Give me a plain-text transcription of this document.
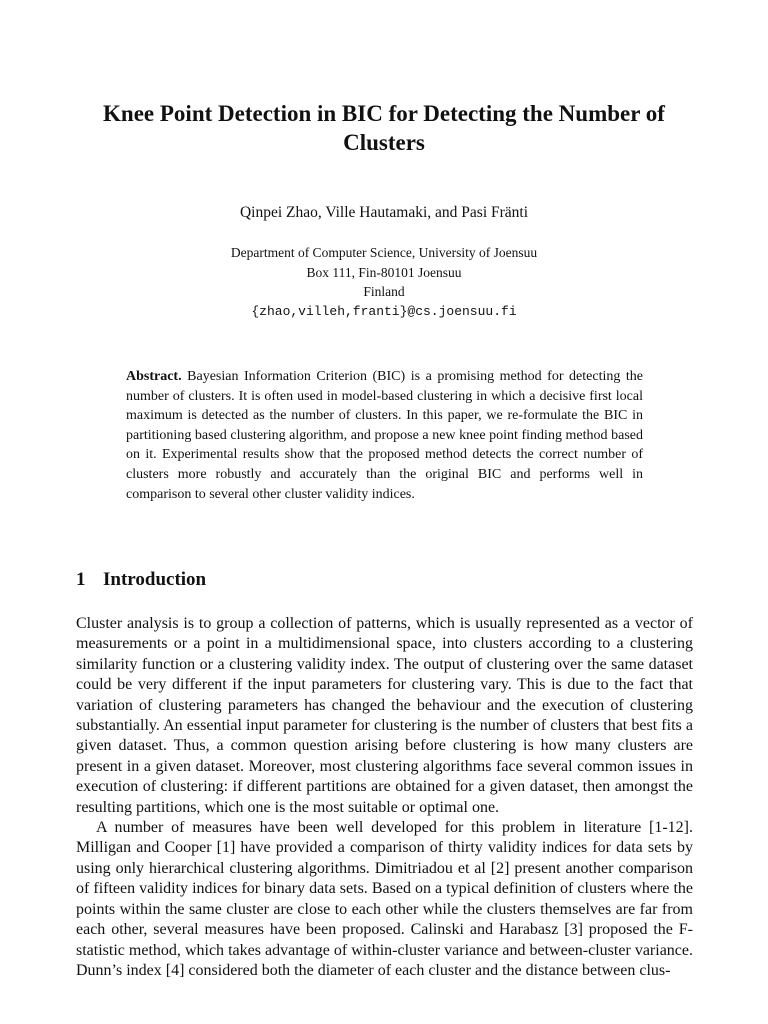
Knee Point Detection in BIC for Detecting the Number of Clusters
Qinpei Zhao, Ville Hautamaki, and Pasi Fränti
Department of Computer Science, University of Joensuu
Box 111, Fin-80101 Joensuu
Finland
{zhao,villeh,franti}@cs.joensuu.fi
Abstract. Bayesian Information Criterion (BIC) is a promising method for detecting the number of clusters. It is often used in model-based clustering in which a decisive first local maximum is detected as the number of clusters. In this paper, we re-formulate the BIC in partitioning based clustering algorithm, and propose a new knee point finding method based on it. Experimental results show that the proposed method detects the correct number of clusters more robustly and accurately than the original BIC and performs well in comparison to several other cluster validity indices.
1 Introduction

Cluster analysis is to group a collection of patterns, which is usually represented as a vector of measurements or a point in a multidimensional space, into clusters according to a clustering similarity function or a clustering validity index. The output of clustering over the same dataset could be very different if the input parameters for clustering vary. This is due to the fact that variation of clustering parameters has changed the behaviour and the execution of clustering substantially. An essential input parameter for clustering is the number of clusters that best fits a given dataset. Thus, a common question arising before clustering is how many clusters are present in a given dataset. Moreover, most clustering algorithms face several common issues in execution of clustering: if different partitions are obtained for a given dataset, then amongst the resulting partitions, which one is the most suitable or optimal one.

A number of measures have been well developed for this problem in literature [1-12]. Milligan and Cooper [1] have provided a comparison of thirty validity indices for data sets by using only hierarchical clustering algorithms. Dimitriadou et al [2] present another comparison of fifteen validity indices for binary data sets. Based on a typical definition of clusters where the points within the same cluster are close to each other while the clusters themselves are far from each other, several measures have been proposed. Calinski and Harabasz [3] proposed the F-statistic method, which takes advantage of within-cluster variance and between-cluster variance. Dunn’s index [4] considered both the diameter of each cluster and the distance between clus-
